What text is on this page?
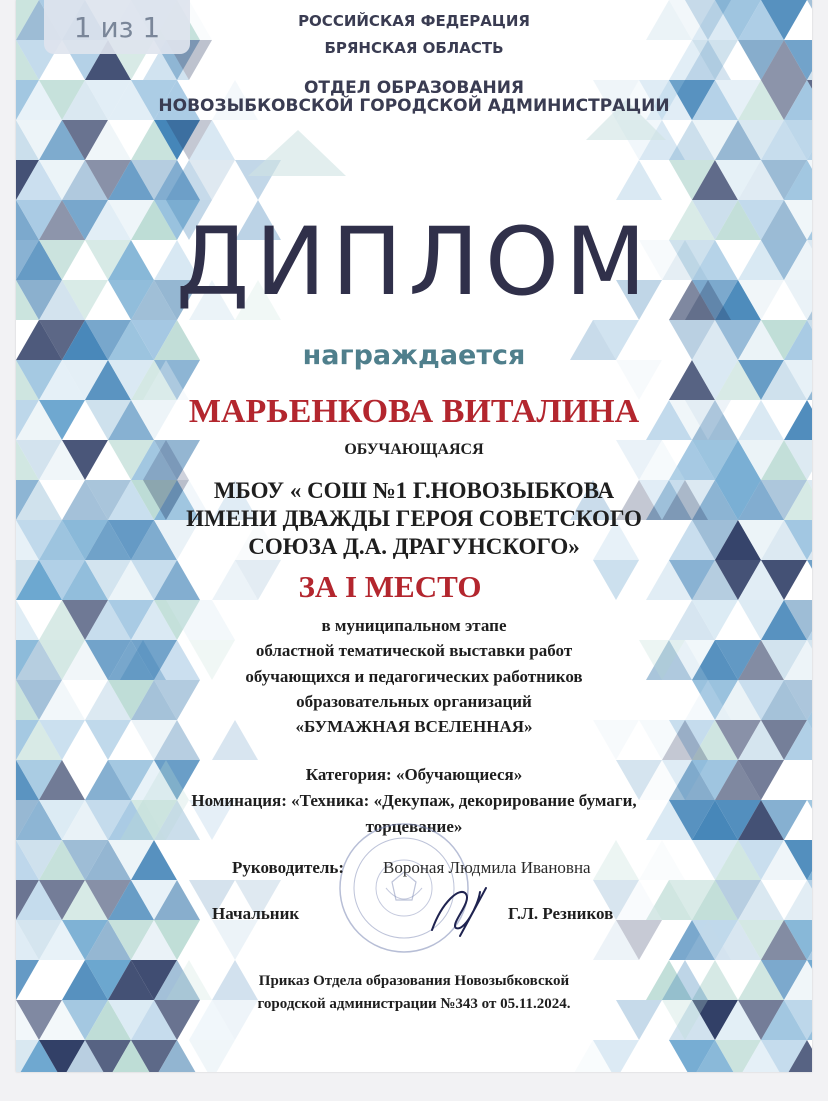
РОССИЙСКАЯ ФЕДЕРАЦИЯ
БРЯНСКАЯ ОБЛАСТЬ
ОТДЕЛ ОБРАЗОВАНИЯ
НОВОЗЫБКОВСКОЙ ГОРОДСКОЙ АДМИНИСТРАЦИИ
ДИПЛОМ
награждается
МАРЬЕНКОВА ВИТАЛИНА
ОБУЧАЮЩАЯСЯ
МБОУ « СОШ №1 Г.НОВОЗЫБКОВА
ИМЕНИ ДВАЖДЫ ГЕРОЯ СОВЕТСКОГО
СОЮЗА Д.А. ДРАГУНСКОГО»
ЗА I МЕСТО
в муниципальном этапе
областной тематической выставки работ
обучающихся и педагогических работников
образовательных организаций
«БУМАЖНАЯ ВСЕЛЕННАЯ»
Категория: «Обучающиеся»
Номинация: «Техника: «Декупаж, декорирование бумаги,
торцевание»
Руководитель: Вороная Людмила Ивановна
Начальник	Г.Л. Резников
Приказ Отдела образования Новозыбковской
городской администрации №343 от 05.11.2024.
1 из 1
